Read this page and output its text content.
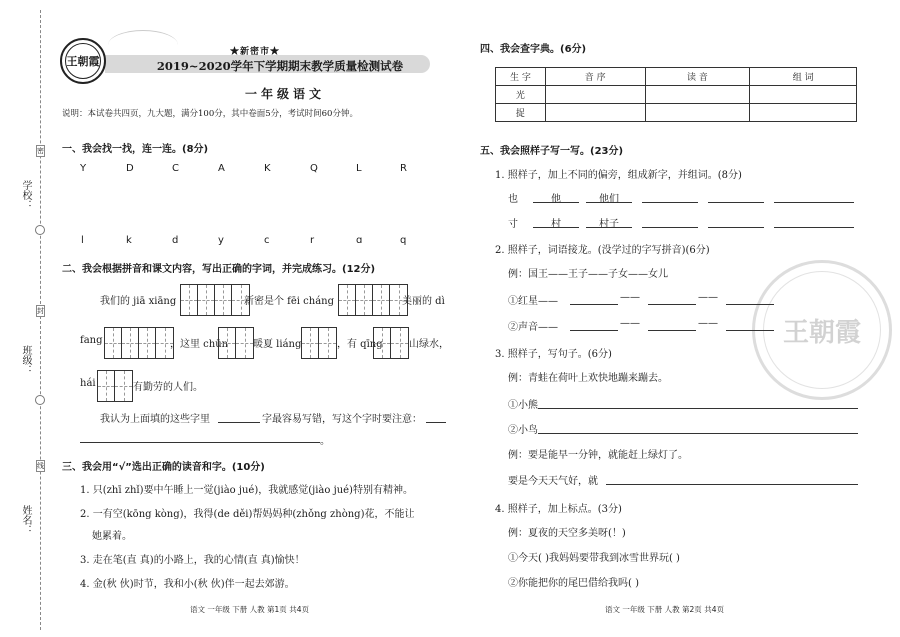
学校：
班级：
姓名：
密
封
线
王朝霞
★新密市★
2019~2020学年下学期期末教学质量检测试卷
一年级语文
说明：本试卷共四页，九大题，满分100分，其中卷面5分，考试时间60分钟。
一、我会找一找，连一连。(8分)
Y	D	C	A	K	Q	L	R
l	k	d	y	c	r	ɑ	q
二、我会根据拼音和课文内容，写出正确的字词，并完成练习。(12分)
我们的 jiā xiāng	新密是个 fēi cháng	美丽的 dì
fang	，这里 chūn 暖夏 liáng	，有 qīng	山绿水，
hái	有勤劳的人们。
我认为上面填的这些字里	字最容易写错，写这个字时要注意：
。
三、我会用“√”选出正确的读音和字。(10分)
1. 只(zhī zhǐ)要中午睡上一觉(jiào jué)，我就感觉(jiào jué)特别有精神。
2. 一有空(kōng kòng)，我得(de děi)帮妈妈种(zhǒng zhòng)花，不能让
她累着。
3. 走在笔(直 真)的小路上，我的心情(直 真)愉快！
4. 金(秋 伙)时节，我和小(秋 伙)伴一起去郊游。
语文 一年级 下册 人教 第1页 共4页
四、我会查字典。(6分)
生 字	音 序	读 音	组 词
光			
捉			
王朝霞
五、我会照样子写一写。(23分)
1. 照样子，加上不同的偏旁，组成新字，并组词。(8分)
也	他	他们
寸	村	村子
2. 照样子，词语接龙。(没学过的字写拼音)(6分)
例：国王——王子——子女——女儿
①红星——	——	——
②声音——	——	——
3. 照样子，写句子。(6分)
例：青蛙在荷叶上欢快地蹦来蹦去。
①小熊
②小鸟
例：要是能早一分钟，就能赶上绿灯了。
要是今天天气好，就
4. 照样子，加上标点。(3分)
例：夏夜的天空多美呀(！)
①今天( )我妈妈要带我到冰雪世界玩( )
②你能把你的尾巴借给我吗( )
语文 一年级 下册 人教 第2页 共4页
